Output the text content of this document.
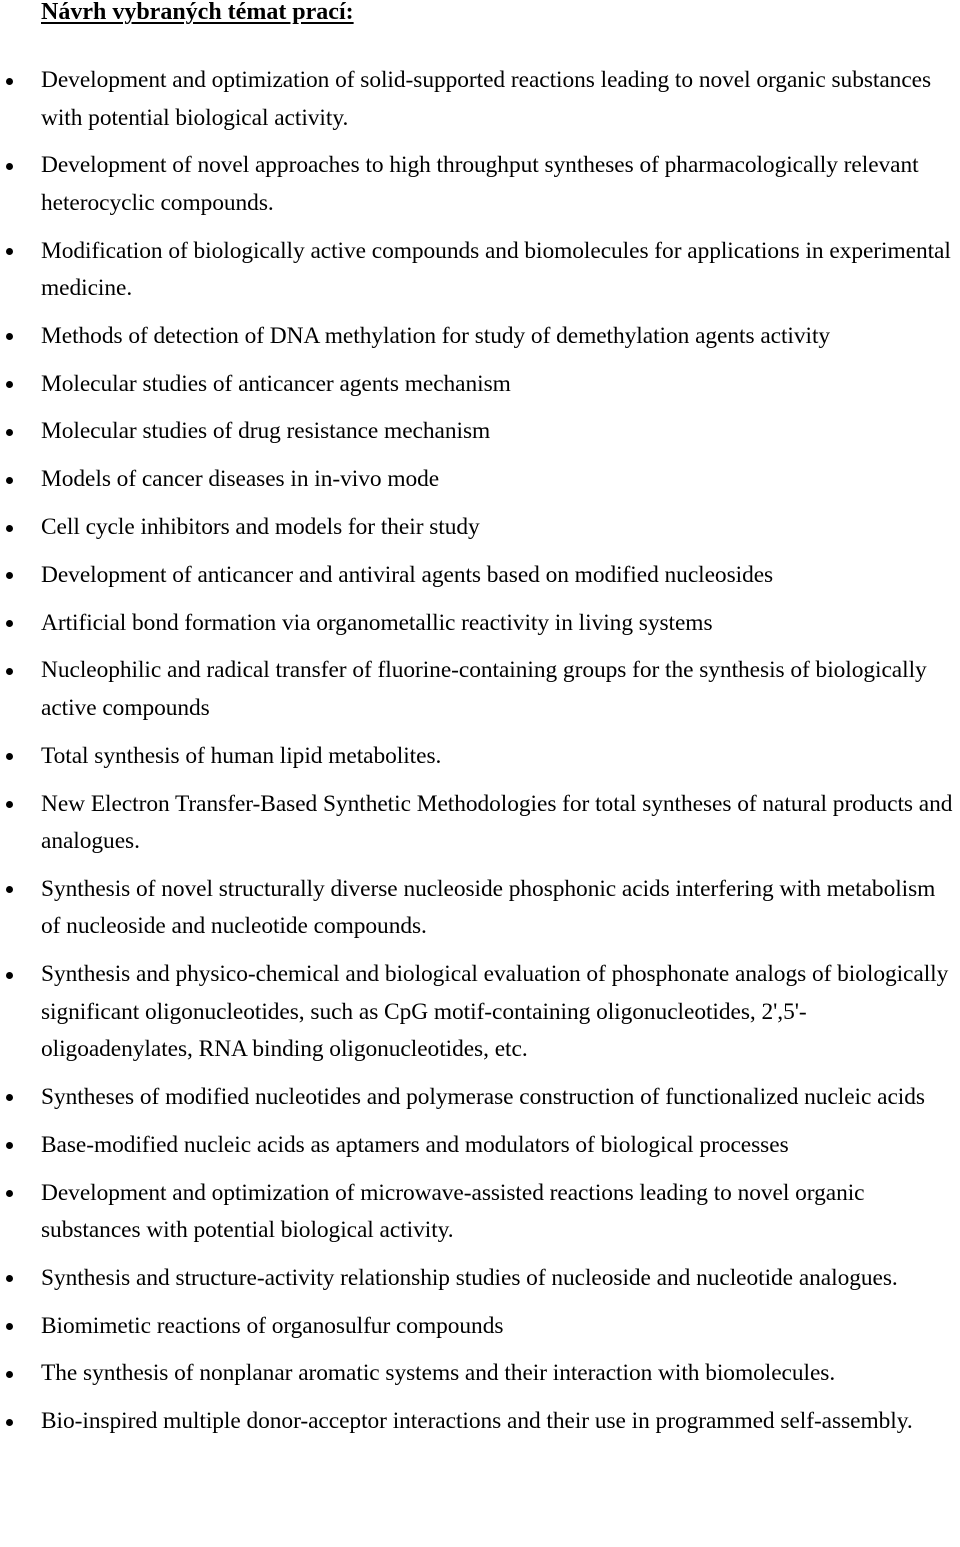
Návrh vybraných témat prací:
Development and optimization of solid-supported reactions leading to novel organic substances with potential biological activity.
Development of novel approaches to high throughput syntheses of pharmacologically relevant heterocyclic compounds.
Modification of biologically active compounds and biomolecules for applications in experimental medicine.
Methods of detection of DNA methylation for study of demethylation agents activity
Molecular studies of anticancer agents mechanism
Molecular studies of drug resistance mechanism
Models of cancer diseases in in-vivo mode
Cell cycle inhibitors and models for their study
Development of anticancer and antiviral agents based on modified nucleosides
Artificial bond formation via organometallic reactivity in living systems
Nucleophilic and radical transfer of fluorine-containing groups for the synthesis of biologically active compounds
Total synthesis of human lipid metabolites.
New Electron Transfer-Based Synthetic Methodologies for total syntheses of natural products and analogues.
Synthesis of novel structurally diverse nucleoside phosphonic acids interfering with metabolism of nucleoside and nucleotide compounds.
Synthesis and physico-chemical and biological evaluation of phosphonate analogs of biologically significant oligonucleotides, such as CpG motif-containing oligonucleotides, 2',5'-oligoadenylates, RNA binding oligonucleotides, etc.
Syntheses of modified nucleotides and polymerase construction of functionalized nucleic acids
Base-modified nucleic acids as aptamers and modulators of biological processes
Development and optimization of microwave-assisted reactions leading to novel organic substances with potential biological activity.
Synthesis and structure-activity relationship studies of nucleoside and nucleotide analogues.
Biomimetic reactions of organosulfur compounds
The synthesis of nonplanar aromatic systems and their interaction with biomolecules.
Bio-inspired multiple donor-acceptor interactions and their use in programmed self-assembly.
